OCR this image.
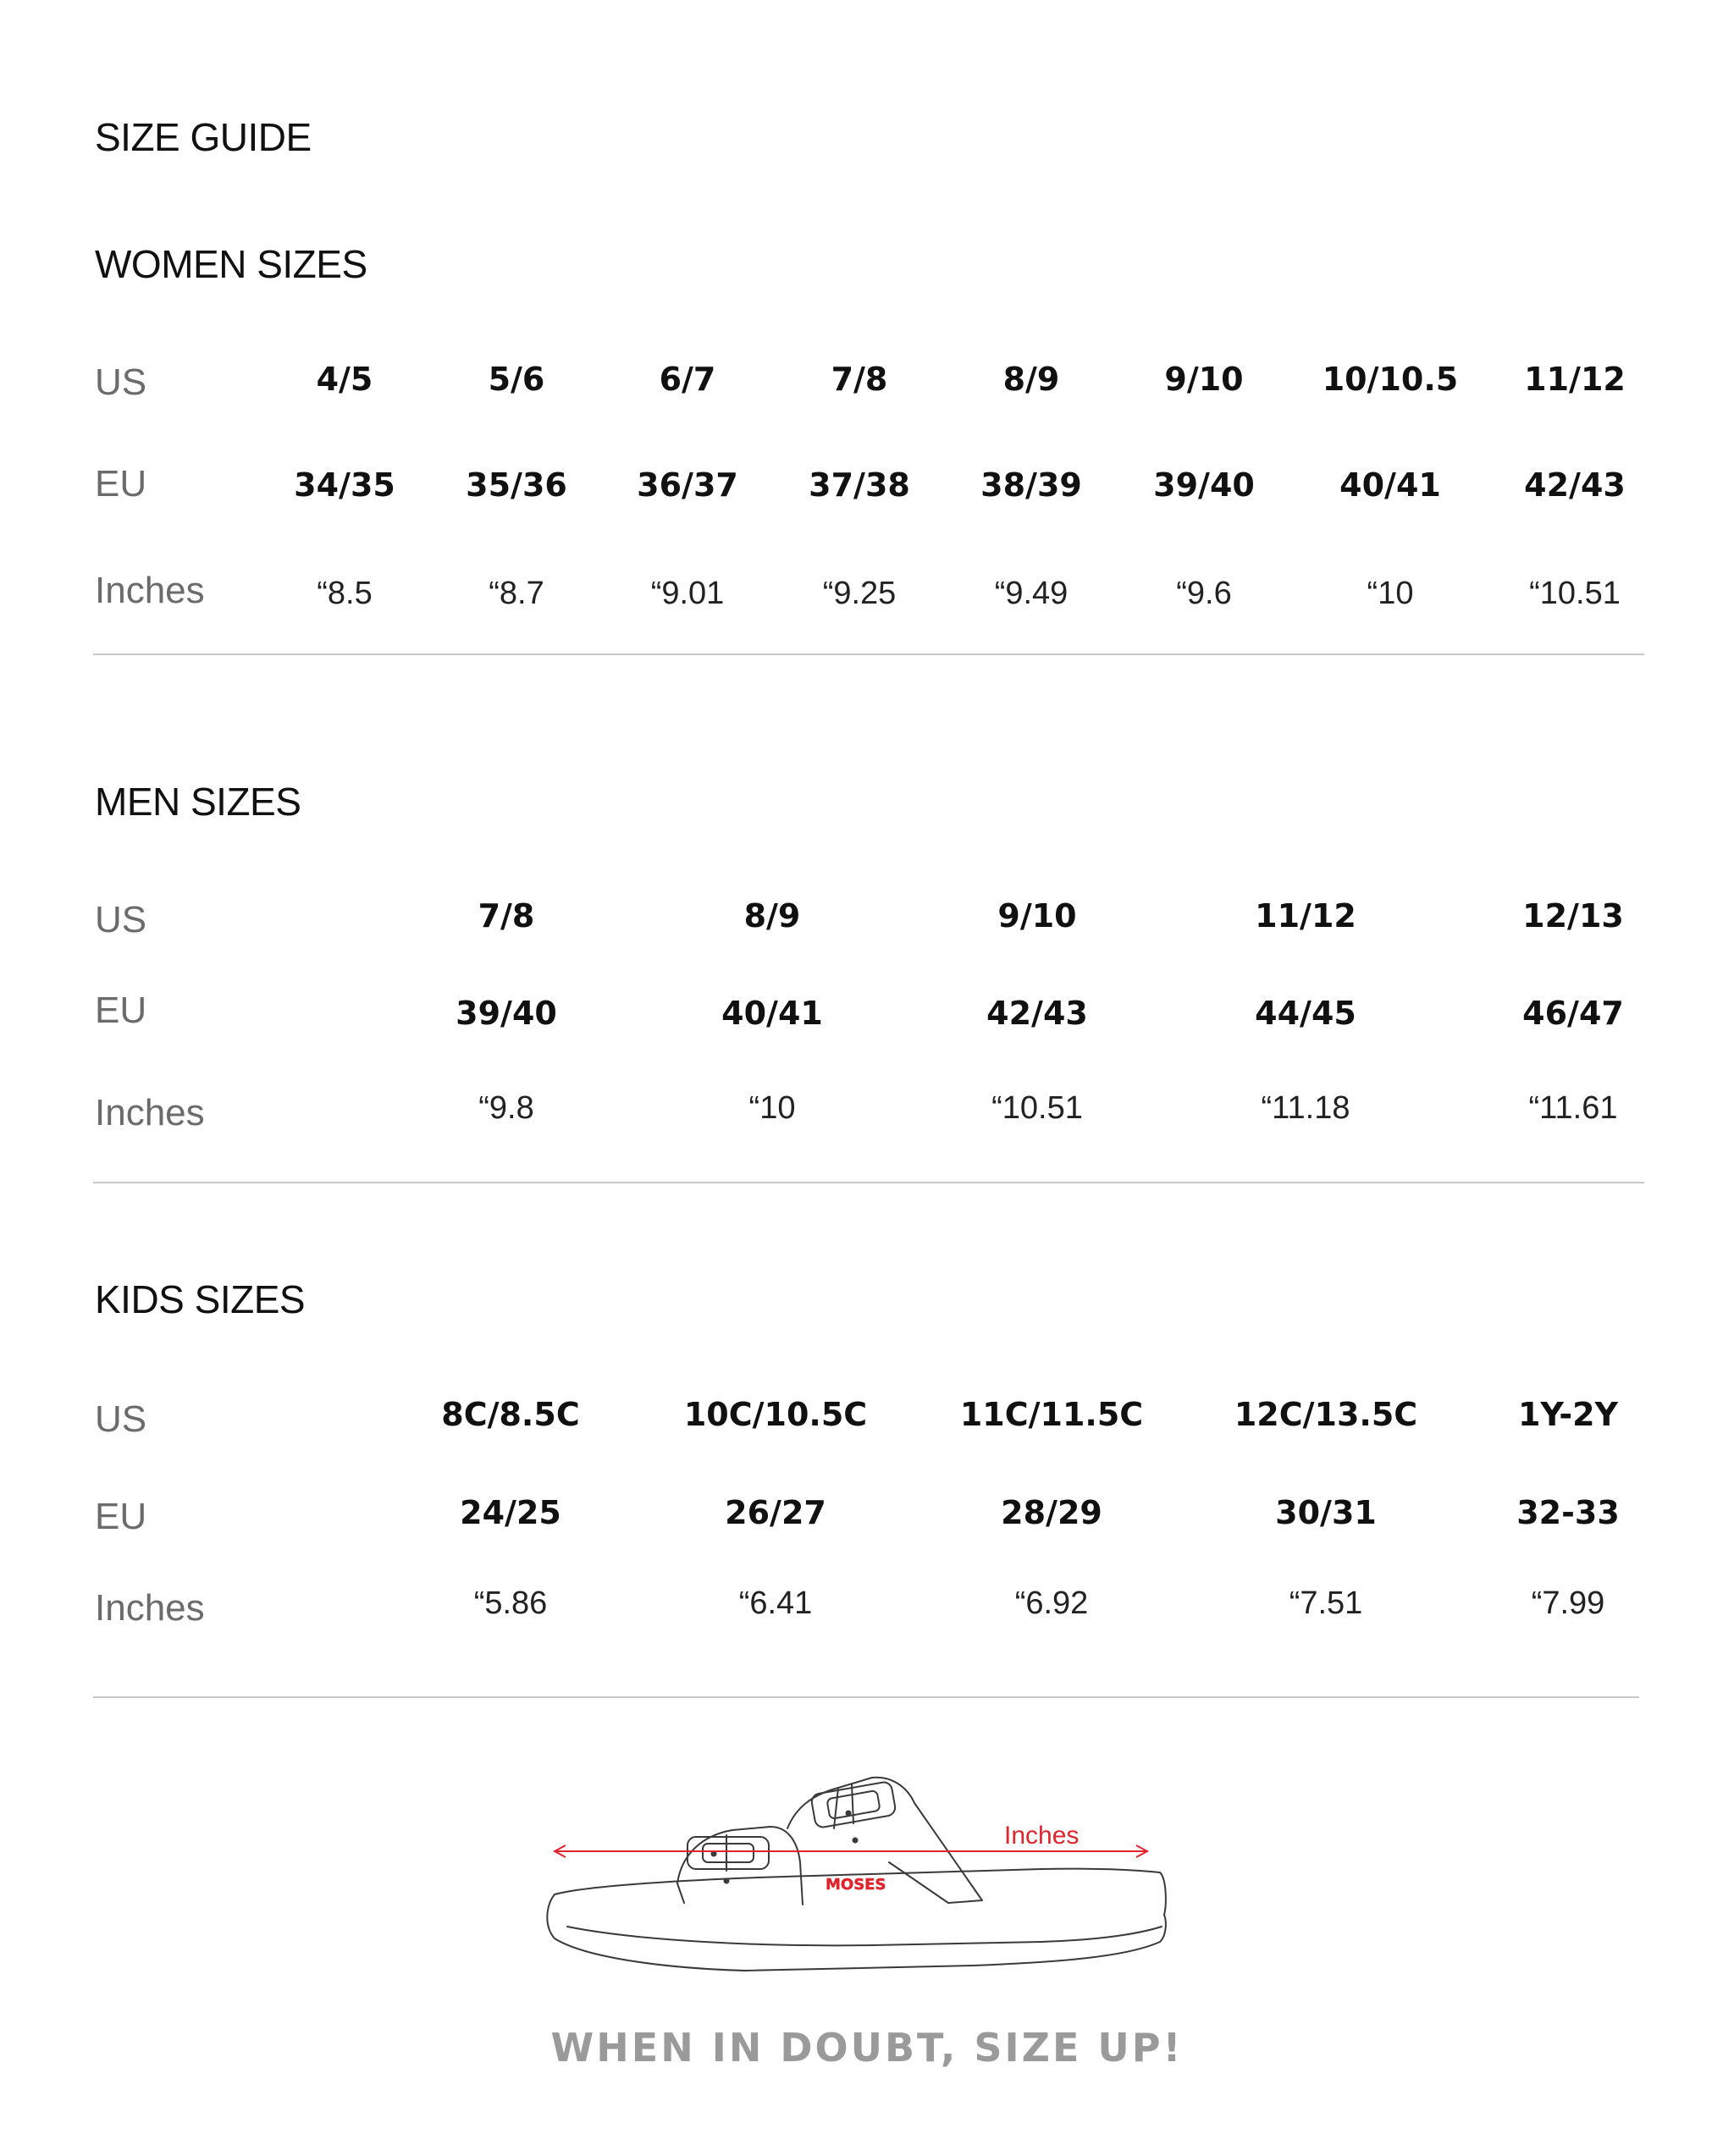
SIZE GUIDE
WOMEN SIZES
US
EU
Inches
4/5	5/6	6/7	7/8	8/9	9/10 10/10.5 11/12
34/35 35/36 36/37 37/38 38/39 39/40	40/41	42/43
“8.5	“8.7	“9.01	“9.25	“9.49	“9.6	“10	“10.51
MEN SIZES
US
EU
Inches
7/8	8/9	9/10	11/12	12/13
39/40	40/41	42/43	44/45	46/47
“9.8	“10	“10.51	“11.18	“11.61
KIDS SIZES
US
EU
Inches
8C/8.5C	10C/10.5C	11C/11.5C	12C/13.5C	1Y-2Y
24/25	26/27	28/29	30/31	32-33
“5.86	“6.41	“6.92	“7.51	“7.99
MOSES
Inches
WHEN IN DOUBT, SIZE UP!
